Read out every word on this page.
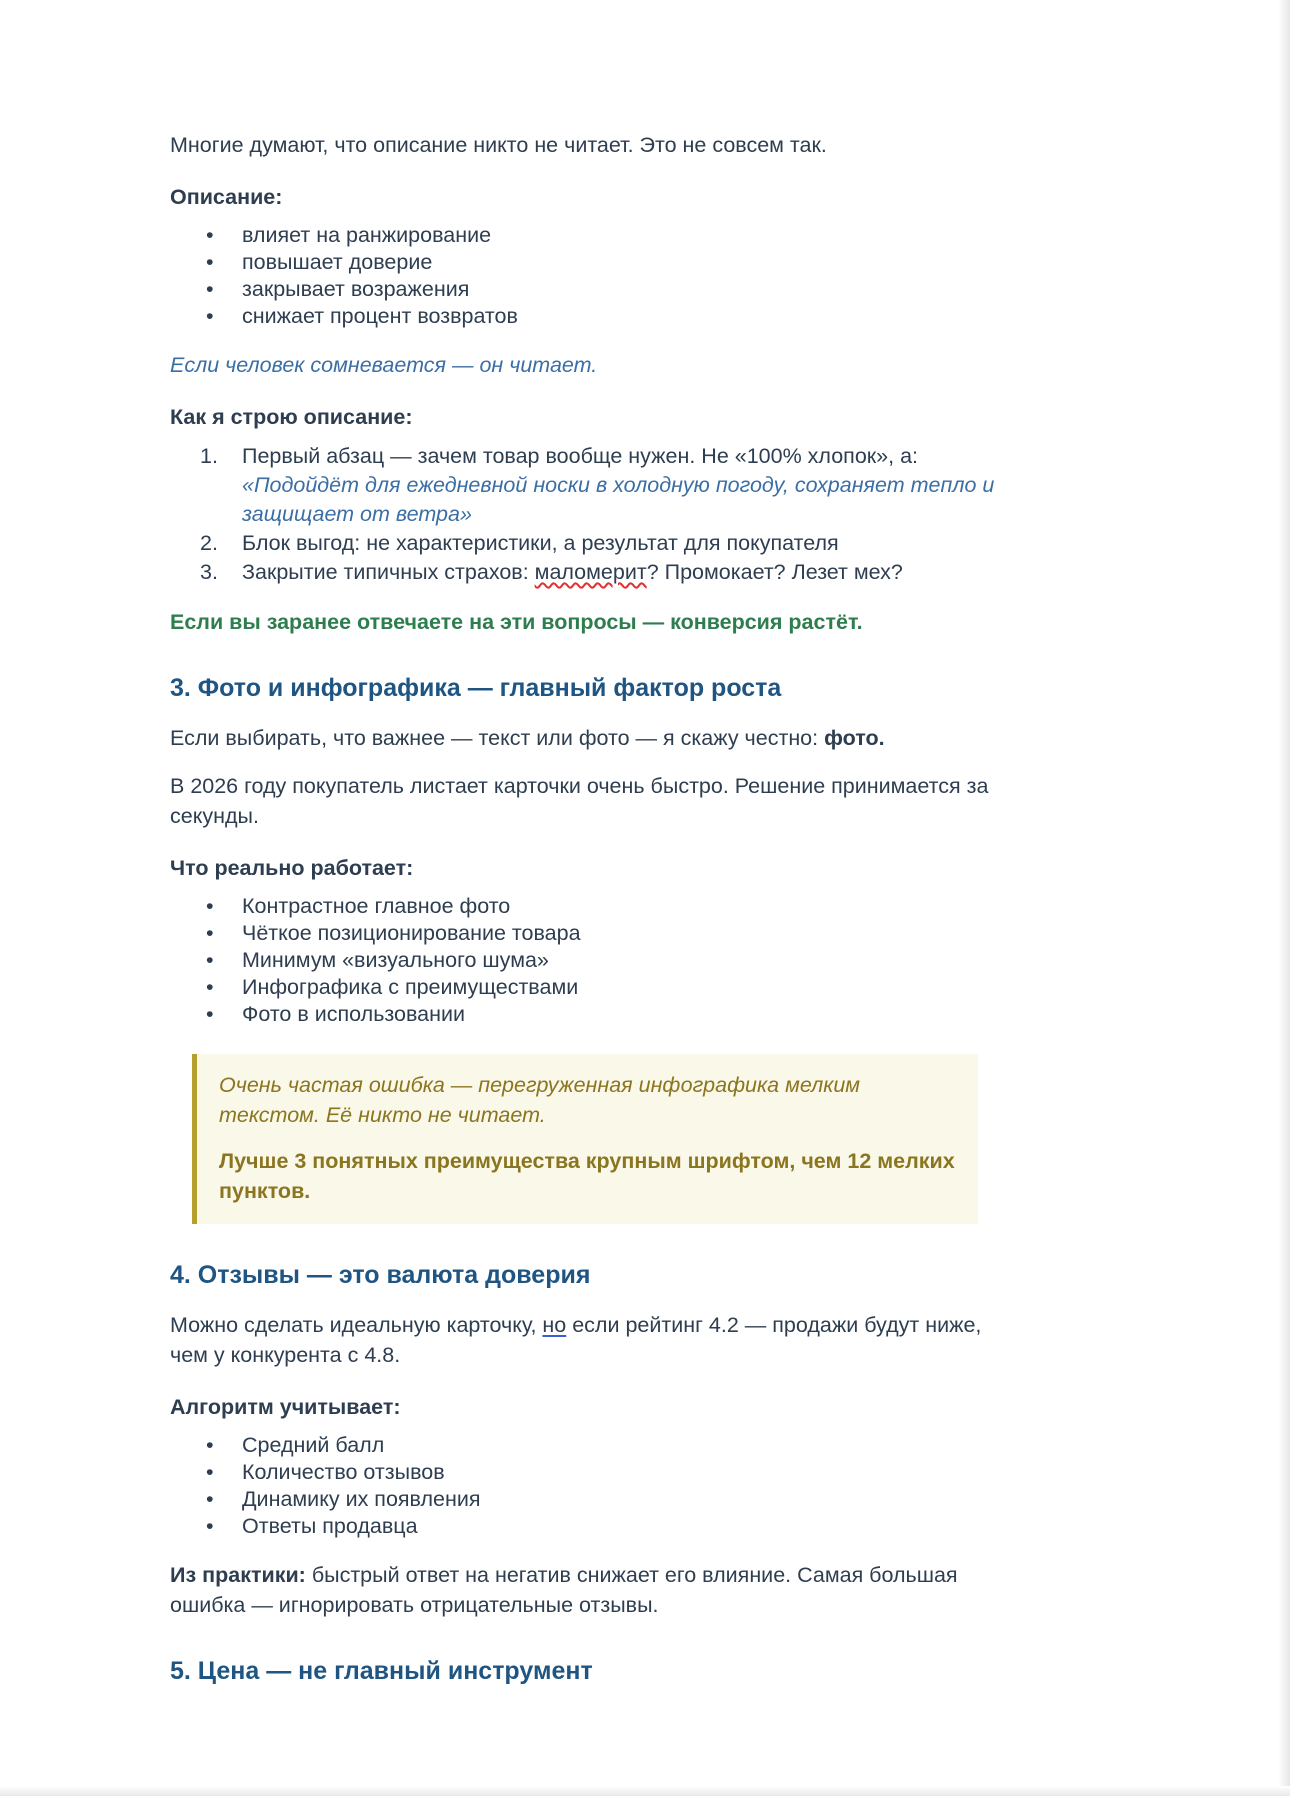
Многие думают, что описание никто не читает. Это не совсем так.

Описание:

• влияет на ранжирование
• повышает доверие
• закрывает возражения
• снижает процент возвратов

Если человек сомневается — он читает.

Как я строю описание:

1. Первый абзац — зачем товар вообще нужен. Не «100% хлопок», а:
«Подойдёт для ежедневной носки в холодную погоду, сохраняет тепло и защищает от ветра»
2. Блок выгод: не характеристики, а результат для покупателя
3. Закрытие типичных страхов: маломерит? Промокает? Лезет мех?

Если вы заранее отвечаете на эти вопросы — конверсия растёт.

3. Фото и инфографика — главный фактор роста

Если выбирать, что важнее — текст или фото — я скажу честно: фото.

В 2026 году покупатель листает карточки очень быстро. Решение принимается за секунды.

Что реально работает:

• Контрастное главное фото
• Чёткое позиционирование товара
• Минимум «визуального шума»
• Инфографика с преимуществами
• Фото в использовании

Очень частая ошибка — перегруженная инфографика мелким текстом. Её никто не читает.

Лучше 3 понятных преимущества крупным шрифтом, чем 12 мелких пунктов.

4. Отзывы — это валюта доверия

Можно сделать идеальную карточку, но если рейтинг 4.2 — продажи будут ниже, чем у конкурента с 4.8.

Алгоритм учитывает:

• Средний балл
• Количество отзывов
• Динамику их появления
• Ответы продавца

Из практики: быстрый ответ на негатив снижает его влияние. Самая большая ошибка — игнорировать отрицательные отзывы.

5. Цена — не главный инструмент
